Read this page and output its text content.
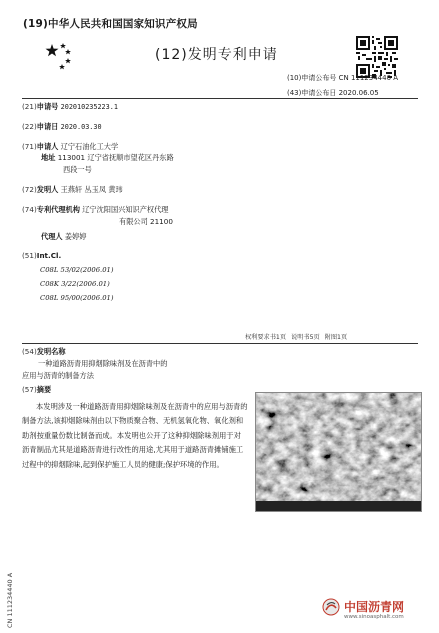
(19)中华人民共和国国家知识产权局
(12)发明专利申请
(10)申请公布号 CN 111234440 A
(43)申请公布日 2020.06.05
(21)申请号 202010235223.1
(22)申请日 2020.03.30
(71)申请人 辽宁石油化工大学
地址 113001 辽宁省抚顺市望花区丹东路
西段一号
(72)发明人 王燕轩 丛玉凤 黄玮
(74)专利代理机构 辽宁沈阳国兴知识产权代理
有限公司 21100
代理人 姜婷婷
(51)Int.Cl.
C08L 53/02(2006.01)
C08K 3/22(2006.01)
C08L 95/00(2006.01)
权利要求书1页 说明书5页 附图1页
(54)发明名称
一种道路沥青用抑烟除味剂及在沥青中的
应用与沥青的制备方法
(57)摘要
本发明涉及一种道路沥青用抑烟除味剂及在沥青中的应用与沥青的制备方法,该抑烟除味剂由以下物质聚合物、无机氢氧化物、氧化剂和助剂按重量份数比制备而成。本发明也公开了这种抑烟除味剂用于对沥青制品尤其是道路沥青进行改性的用途,尤其用于道路沥青摊铺施工过程中的抑烟除味,起到保护施工人员的健康;保护环境的作用。
CN 111234440 A	中国沥青网
www.sinoasphalt.com
